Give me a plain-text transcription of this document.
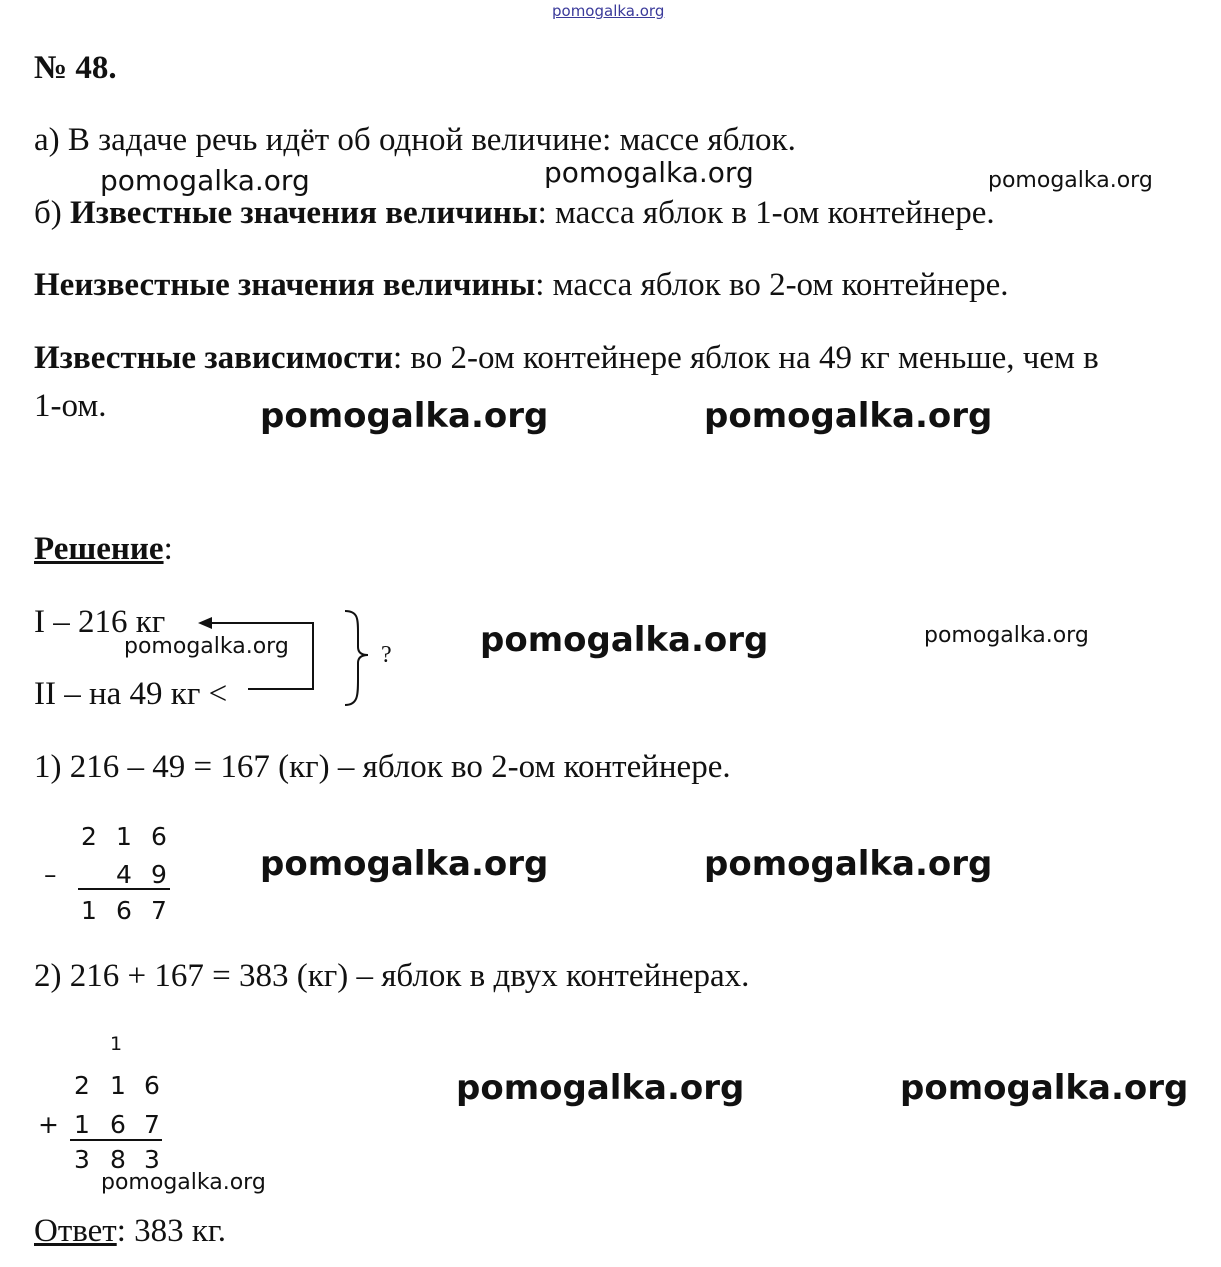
pomogalka.org
№ 48.
а) В задаче речь идёт об одной величине: массе яблок.
pomogalka.org	pomogalka.org	pomogalka.org
б) Известные значения величины: масса яблок в 1-ом контейнере.
Неизвестные значения величины: масса яблок во 2-ом контейнере.
Известные зависимости: во 2-ом контейнере яблок на 49 кг меньше, чем в
1-ом.	pomogalka.org	pomogalka.org
Решение:
I – 216 кг
II – на 49 кг <
?
pomogalka.org	pomogalka.org	pomogalka.org
1) 216 – 49 = 167 (кг) – яблок во 2-ом контейнере.
2 1 6
– 4 9
1 6 7
pomogalka.org	pomogalka.org
2) 216 + 167 = 383 (кг) – яблок в двух контейнерах.
1
2 1 6
+ 1 6 7
3 8 3
pomogalka.org	pomogalka.org
pomogalka.org
Ответ: 383 кг.
